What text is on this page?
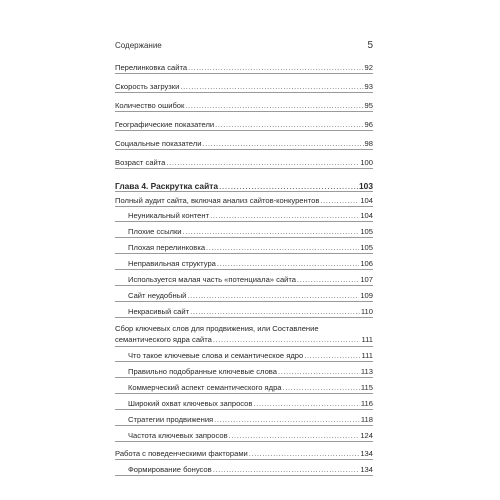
Содержание	5
Перелинковка сайта .....	92
Скорость загрузки .....	93
Количество ошибок .....	95
Географические показатели .....	96
Социальные показатели .....	98
Возраст сайта .....	100
Глава 4. Раскрутка сайта .....	103
Полный аудит сайта, включая анализ сайтов-конкурентов .....	104
Неуникальный контент .....	104
Плохие ссылки .....	105
Плохая перелинковка .....	105
Неправильная структура .....	106
Используется малая часть «потенциала» сайта .....	107
Сайт неудобный .....	109
Некрасивый сайт .....	110
Сбор ключевых слов для продвижения, или Составление
семантического ядра сайта .....	111
Что такое ключевые слова и семантическое ядро .....	111
Правильно подобранные ключевые слова .....	113
Коммерческий аспект семантического ядра .....	115
Широкий охват ключевых запросов .....	116
Стратегии продвижения .....	118
Частота ключевых запросов .....	124
Работа с поведенческими факторами .....	134
Формирование бонусов .....	134
